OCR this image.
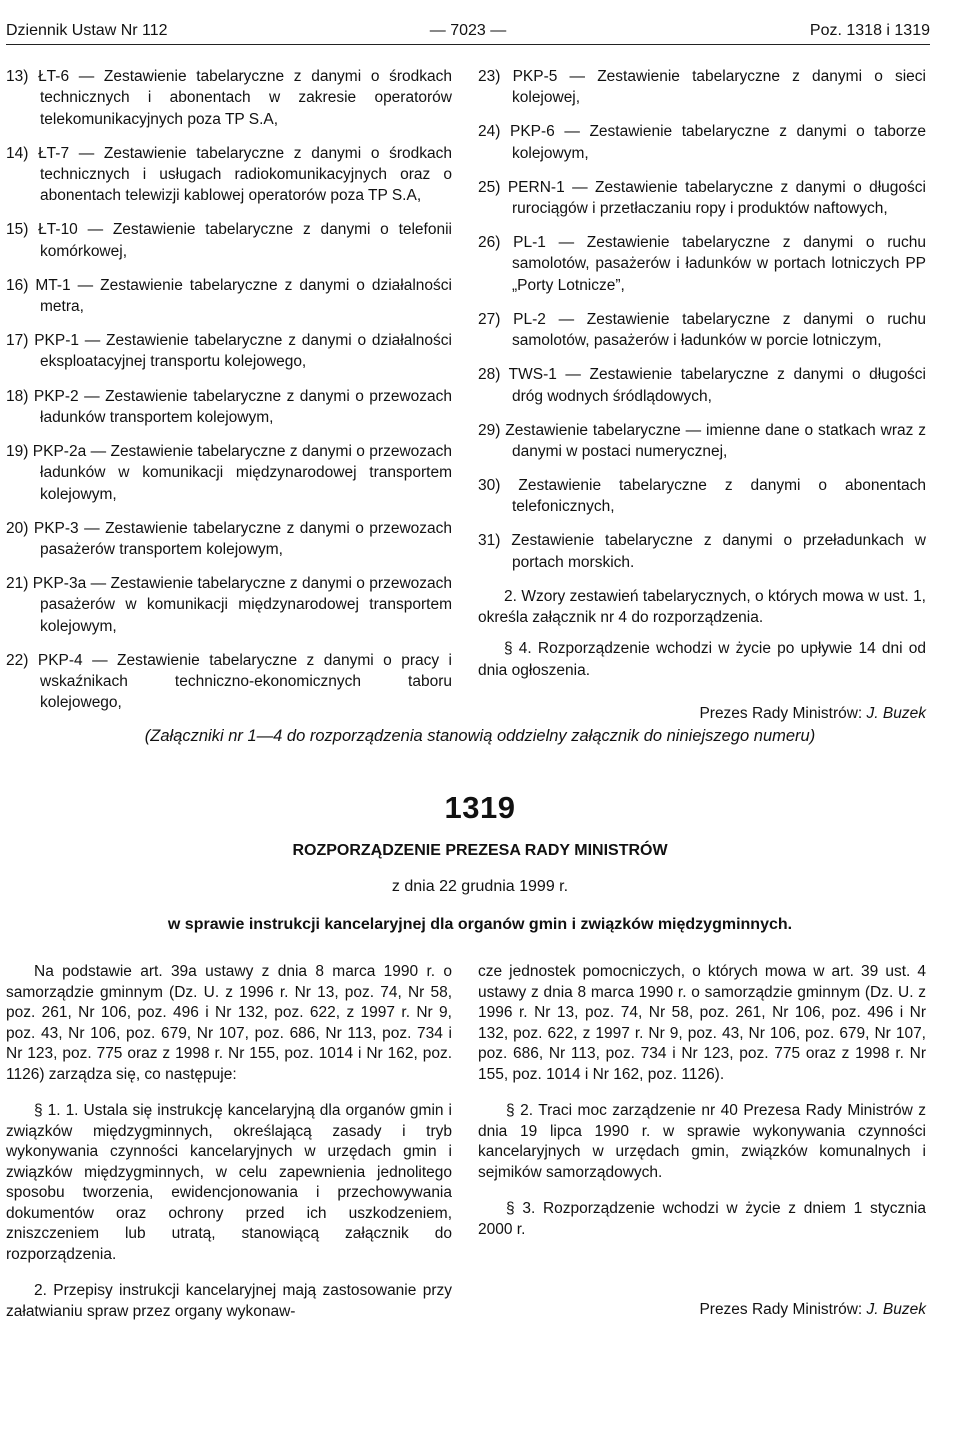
Dziennik Ustaw Nr 112	— 7023 —	Poz. 1318 i 1319
13) ŁT-6 — Zestawienie tabelaryczne z danymi o środkach technicznych i abonentach w zakresie operatorów telekomunikacyjnych poza TP S.A,
14) ŁT-7 — Zestawienie tabelaryczne z danymi o środkach technicznych i usługach radiokomunikacyjnych oraz o abonentach telewizji kablowej operatorów poza TP S.A,
15) ŁT-10 — Zestawienie tabelaryczne z danymi o telefonii komórkowej,
16) MT-1 — Zestawienie tabelaryczne z danymi o działalności metra,
17) PKP-1 — Zestawienie tabelaryczne z danymi o działalności eksploatacyjnej transportu kolejowego,
18) PKP-2 — Zestawienie tabelaryczne z danymi o przewozach ładunków transportem kolejowym,
19) PKP-2a — Zestawienie tabelaryczne z danymi o przewozach ładunków w komunikacji międzynarodowej transportem kolejowym,
20) PKP-3 — Zestawienie tabelaryczne z danymi o przewozach pasażerów transportem kolejowym,
21) PKP-3a — Zestawienie tabelaryczne z danymi o przewozach pasażerów w komunikacji międzynarodowej transportem kolejowym,
22) PKP-4 — Zestawienie tabelaryczne z danymi o pracy i wskaźnikach techniczno-ekonomicznych taboru kolejowego,
23) PKP-5 — Zestawienie tabelaryczne z danymi o sieci kolejowej,
24) PKP-6 — Zestawienie tabelaryczne z danymi o taborze kolejowym,
25) PERN-1 — Zestawienie tabelaryczne z danymi o długości rurociągów i przetłaczaniu ropy i produktów naftowych,
26) PL-1 — Zestawienie tabelaryczne z danymi o ruchu samolotów, pasażerów i ładunków w portach lotniczych PP „Porty Lotnicze”,
27) PL-2 — Zestawienie tabelaryczne z danymi o ruchu samolotów, pasażerów i ładunków w porcie lotniczym,
28) TWS-1 — Zestawienie tabelaryczne z danymi o długości dróg wodnych śródlądowych,
29) Zestawienie tabelaryczne — imienne dane o statkach wraz z danymi w postaci numerycznej,
30) Zestawienie tabelaryczne z danymi o abonentach telefonicznych,
31) Zestawienie tabelaryczne z danymi o przeładunkach w portach morskich.

2. Wzory zestawień tabelarycznych, o których mowa w ust. 1, określa załącznik nr 4 do rozporządzenia.

§ 4. Rozporządzenie wchodzi w życie po upływie 14 dni od dnia ogłoszenia.

Prezes Rady Ministrów: J. Buzek
(Załączniki nr 1—4 do rozporządzenia stanowią oddzielny załącznik do niniejszego numeru)
1319
ROZPORZĄDZENIE PREZESA RADY MINISTRÓW
z dnia 22 grudnia 1999 r.
w sprawie instrukcji kancelaryjnej dla organów gmin i związków międzygminnych.

Na podstawie art. 39a ustawy z dnia 8 marca 1990 r. o samorządzie gminnym (Dz. U. z 1996 r. Nr 13, poz. 74, Nr 58, poz. 261, Nr 106, poz. 496 i Nr 132, poz. 622, z 1997 r. Nr 9, poz. 43, Nr 106, poz. 679, Nr 107, poz. 686, Nr 113, poz. 734 i Nr 123, poz. 775 oraz z 1998 r. Nr 155, poz. 1014 i Nr 162, poz. 1126) zarządza się, co następuje:

§ 1. 1. Ustala się instrukcję kancelaryjną dla organów gmin i związków międzygminnych, określającą zasady i tryb wykonywania czynności kancelaryjnych w urzędach gmin i związków międzygminnych, w celu zapewnienia jednolitego sposobu tworzenia, ewidencjonowania i przechowywania dokumentów oraz ochrony przed ich uszkodzeniem, zniszczeniem lub utratą, stanowiącą załącznik do rozporządzenia.

2. Przepisy instrukcji kancelaryjnej mają zastosowanie przy załatwianiu spraw przez organy wykonaw-

cze jednostek pomocniczych, o których mowa w art. 39 ust. 4 ustawy z dnia 8 marca 1990 r. o samorządzie gminnym (Dz. U. z 1996 r. Nr 13, poz. 74, Nr 58, poz. 261, Nr 106, poz. 496 i Nr 132, poz. 622, z 1997 r. Nr 9, poz. 43, Nr 106, poz. 679, Nr 107, poz. 686, Nr 113, poz. 734 i Nr 123, poz. 775 oraz z 1998 r. Nr 155, poz. 1014 i Nr 162, poz. 1126).

§ 2. Traci moc zarządzenie nr 40 Prezesa Rady Ministrów z dnia 19 lipca 1990 r. w sprawie wykonywania czynności kancelaryjnych w urzędach gmin, związków komunalnych i sejmików samorządowych.

§ 3. Rozporządzenie wchodzi w życie z dniem 1 stycznia 2000 r.

Prezes Rady Ministrów: J. Buzek
